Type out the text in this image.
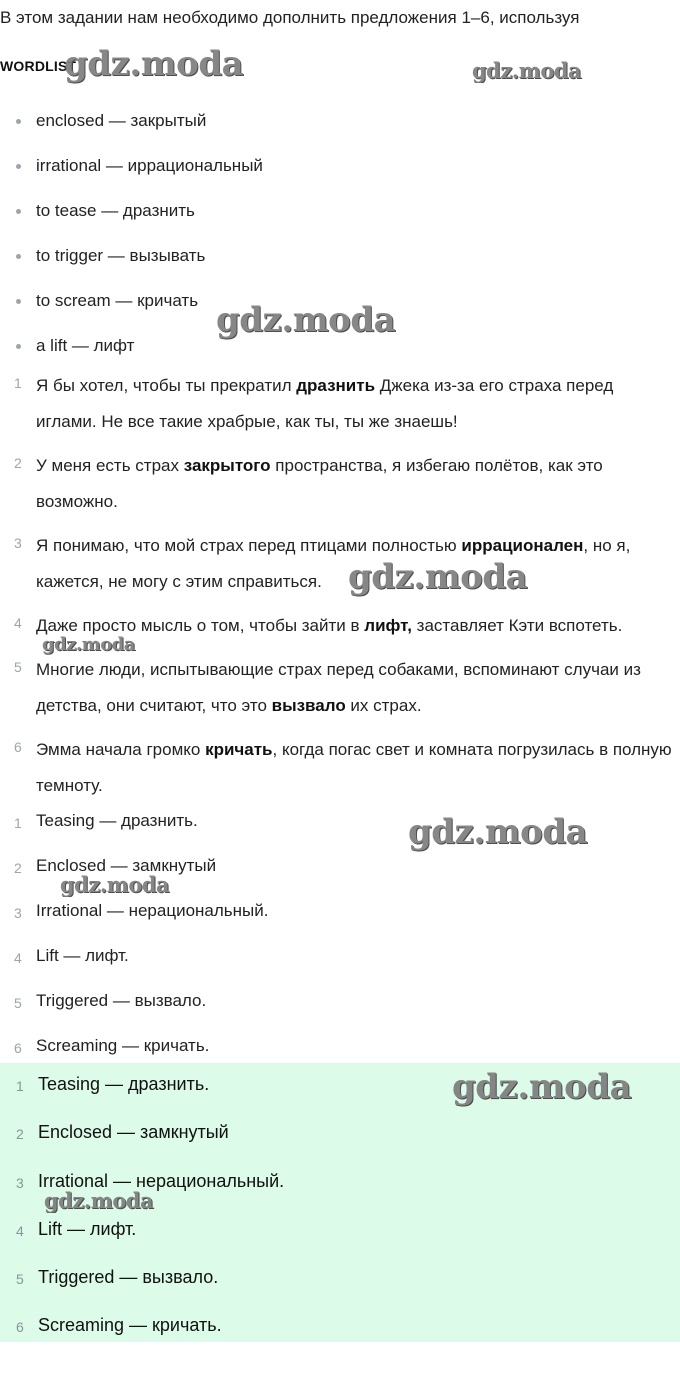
В этом задании нам необходимо дополнить предложения 1–6, используя
WORDLIST
enclosed — закрытый
irrational — иррациональный
to tease — дразнить
to trigger — вызывать
to scream — кричать
a lift — лифт
1 Я бы хотел, чтобы ты прекратил дразнить Джека из-за его страха перед иглами. Не все такие храбрые, как ты, ты же знаешь!
2 У меня есть страх закрытого пространства, я избегаю полётов, как это возможно.
3 Я понимаю, что мой страх перед птицами полностью иррационален, но я, кажется, не могу с этим справиться.
4 Даже просто мысль о том, чтобы зайти в лифт, заставляет Кэти вспотеть.
5 Многие люди, испытывающие страх перед собаками, вспоминают случаи из детства, они считают, что это вызвало их страх.
6 Эмма начала громко кричать, когда погас свет и комната погрузилась в полную темноту.
1 Teasing — дразнить.
2 Enclosed — замкнутый
3 Irrational — нерациональный.
4 Lift — лифт.
5 Triggered — вызвало.
6 Screaming — кричать.
1 Teasing — дразнить.
2 Enclosed — замкнутый
3 Irrational — нерациональный.
4 Lift — лифт.
5 Triggered — вызвало.
6 Screaming — кричать.
gdz.moda	gdz.moda
gdz.moda
gdz.moda
gdz.moda
gdz.moda
gdz.moda
gdz.moda
gdz.moda
